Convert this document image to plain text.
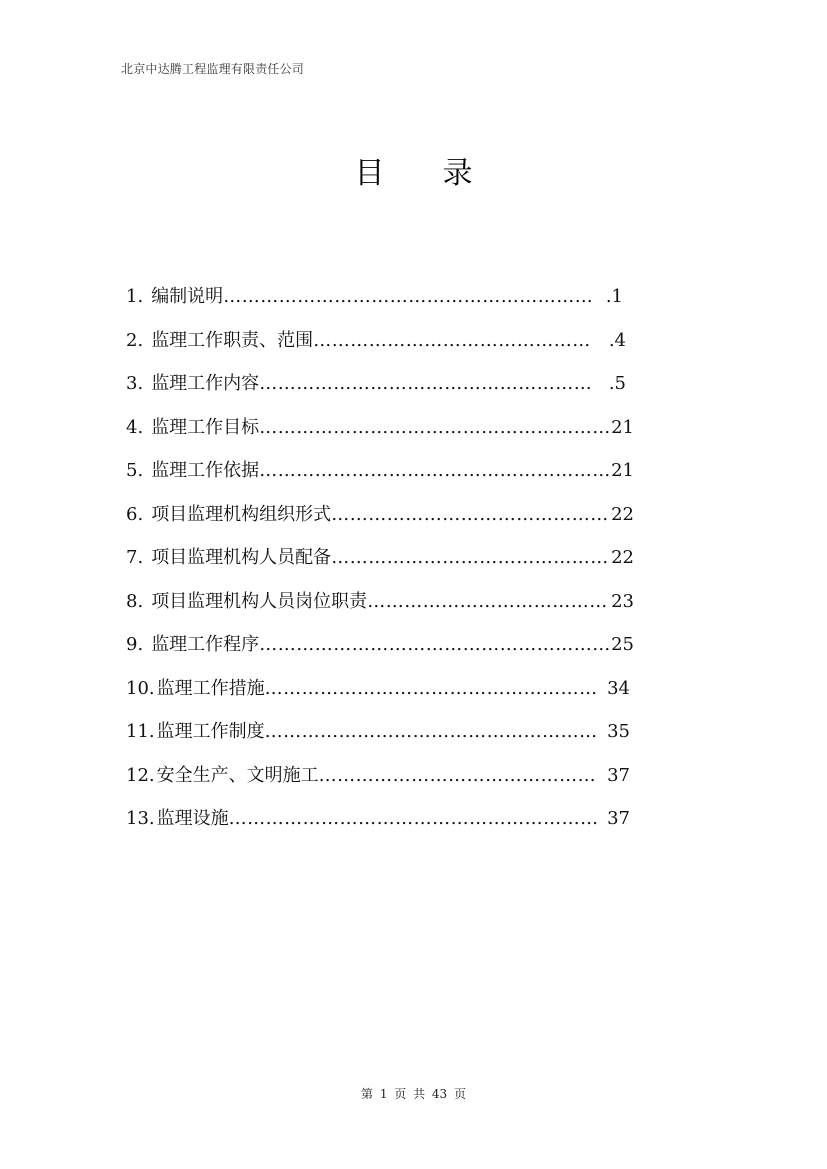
北京中达腾工程监理有限责任公司
目录
1. 编制说明 …………………………………………………… .1
2. 监理工作职责、范围 ………………………………………	.4
3. 监理工作内容 ……………………………………………… .5
4. 监理工作目标 ………………………………………………… 21
5. 监理工作依据 ………………………………………………… 21
6. 项目监理机构组织形式 ……………………………………… 22
7. 项目监理机构人员配备 ……………………………………… 22
8. 项目监理机构人员岗位职责 ………………………………… 23
9. 监理工作程序 ………………………………………………… 25
10. 监理工作措施 ……………………………………………… 34
11. 监理工作制度 ……………………………………………… 35
12. 安全生产、文明施工 ……………………………………… 37
13. 监理设施 …………………………………………………… 37
第 1 页 共 43 页
